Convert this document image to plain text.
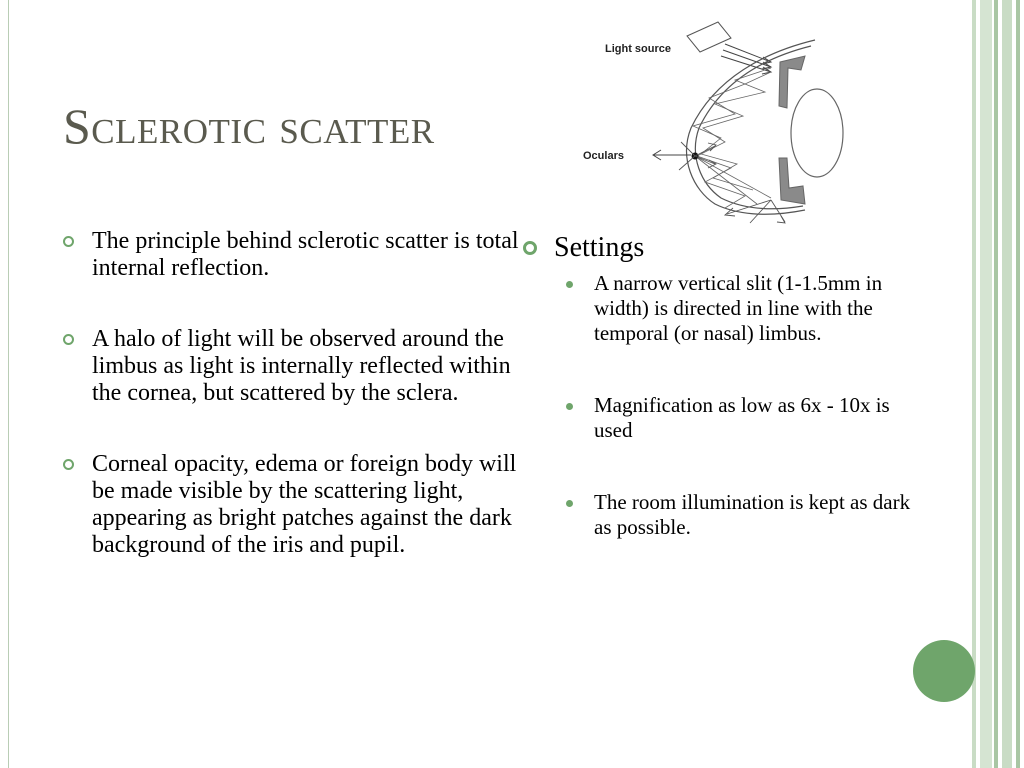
Sclerotic scatter
Light source
Oculars
The principle behind sclerotic scatter is total internal reflection.
A halo of light will be observed around the limbus as light is internally reflected within the cornea, but scattered by the sclera.
Corneal opacity, edema or foreign body will be made visible by the scattering light, appearing as bright patches against the dark background of the iris and pupil.
Settings
A narrow vertical slit (1-1.5mm in width) is directed in line with the temporal (or nasal) limbus.
Magnification as low as 6x - 10x is used
The room illumination is kept as dark as possible.
